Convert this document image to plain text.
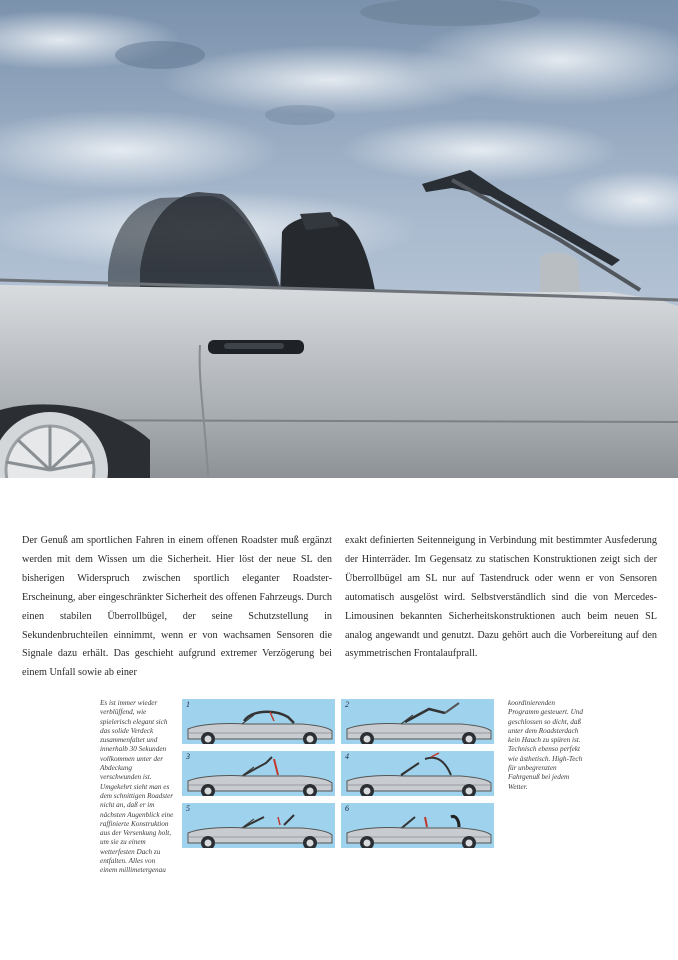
Der Genuß am sportlichen Fahren in einem offenen Roadster muß ergänzt werden mit dem Wissen um die Sicherheit. Hier löst der neue SL den bisherigen Widerspruch zwischen sportlich eleganter Roadster-Erscheinung, aber eingeschränkter Sicherheit des offenen Fahrzeugs. Durch einen stabilen Überrollbügel, der seine Schutzstellung in Sekundenbruchteilen einnimmt, wenn er von wachsamen Sensoren die Signale dazu erhält. Das geschieht aufgrund extremer Verzögerung bei einem Unfall sowie ab einer

exakt definierten Seitenneigung in Verbindung mit bestimmter Ausfederung der Hinterräder. Im Gegensatz zu statischen Konstruktionen zeigt sich der Überrollbügel am SL nur auf Tastendruck oder wenn er von Sensoren automatisch ausgelöst wird. Selbstverständlich sind die von Mercedes-Limousinen bekannten Sicherheitskonstruktionen auch beim neuen SL analog angewandt und genutzt. Dazu gehört auch die Vorbereitung auf den asymmetrischen Frontalaufprall.

Es ist immer wieder verblüffend, wie spielerisch elegant sich das solide Verdeck zusammenfaltet und innerhalb 30 Sekunden vollkommen unter der Abdeckung verschwunden ist. Umgekehrt sieht man es dem schnittigen Roadster nicht an, daß er im nächsten Augenblick eine raffinierte Konstruktion aus der Versenkung holt, um sie zu einem wetterfesten Dach zu entfalten. Alles von einem millimetergenau

koordinierenden Programm gesteuert. Und geschlossen so dicht, daß unter dem Roadsterdach kein Hauch zu spüren ist. Technisch ebenso perfekt wie ästhetisch. High-Tech für unbegrenzten Fahrgenuß bei jedem Wetter.

1	2
3	4
5	6
